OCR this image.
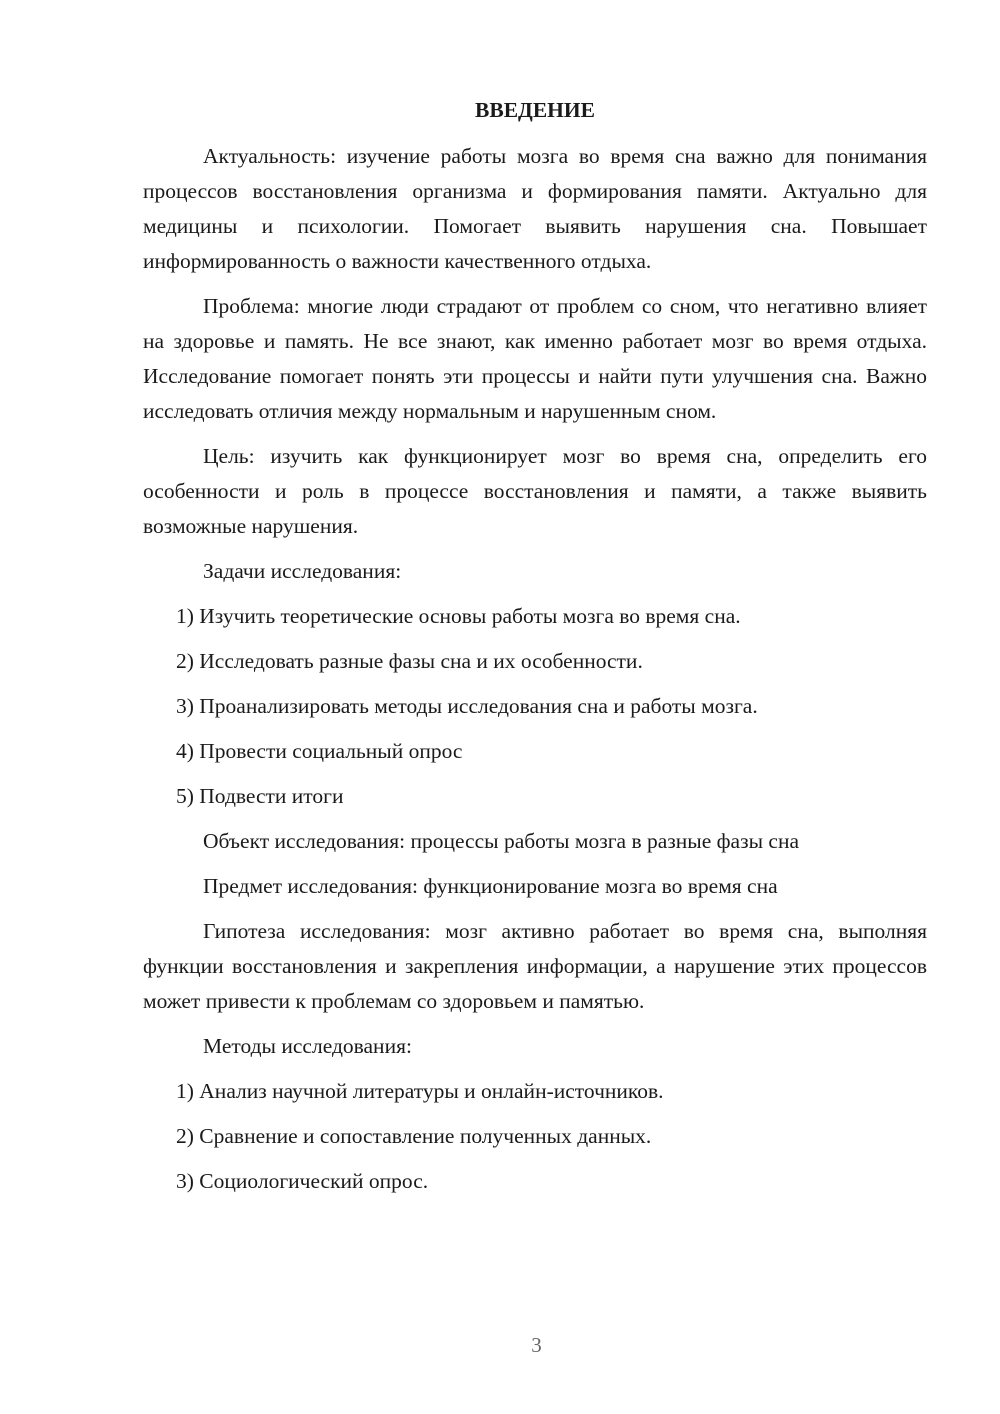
ВВЕДЕНИЕ

Актуальность: изучение работы мозга во время сна важно для понимания процессов восстановления организма и формирования памяти. Актуально для медицины и психологии. Помогает выявить нарушения сна. Повышает информированность о важности качественного отдыха.

Проблема: многие люди страдают от проблем со сном, что негативно влияет на здоровье и память. Не все знают, как именно работает мозг во время отдыха. Исследование помогает понять эти процессы и найти пути улучшения сна. Важно исследовать отличия между нормальным и нарушенным сном.

Цель: изучить как функционирует мозг во время сна, определить его особенности и роль в процессе восстановления и памяти, а также выявить возможные нарушения.

Задачи исследования:
1) Изучить теоретические основы работы мозга во время сна.
2) Исследовать разные фазы сна и их особенности.
3) Проанализировать методы исследования сна и работы мозга.
4) Провести социальный опрос
5) Подвести итоги
Объект исследования: процессы работы мозга в разные фазы сна
Предмет исследования: функционирование мозга во время сна

Гипотеза исследования: мозг активно работает во время сна, выполняя функции восстановления и закрепления информации, а нарушение этих процессов может привести к проблемам со здоровьем и памятью.

Методы исследования:
1) Анализ научной литературы и онлайн-источников.
2) Сравнение и сопоставление полученных данных.
3) Социологический опрос.
3
